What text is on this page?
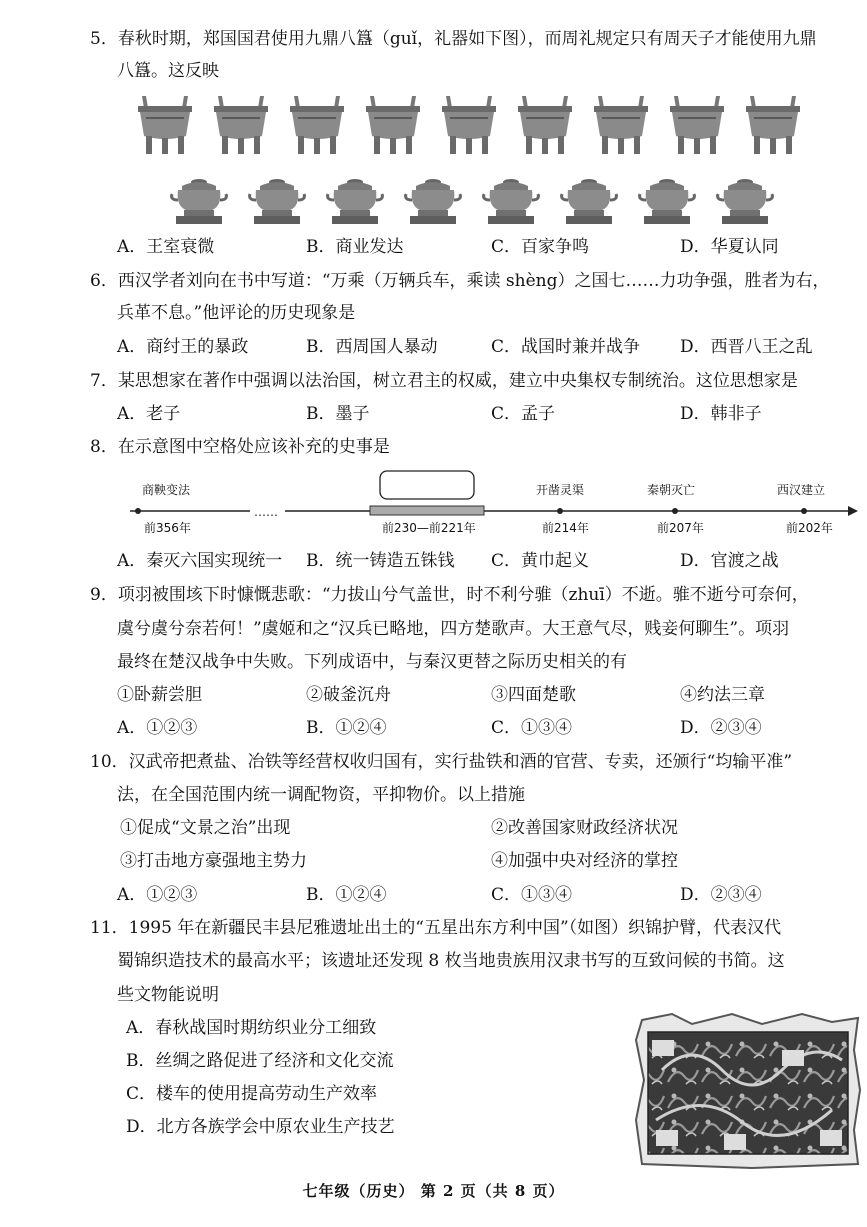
5．春秋时期，郑国国君使用九鼎八簋（guǐ，礼器如下图），而周礼规定只有周天子才能使用九鼎
八簋。这反映
A．王室衰微	B．商业发达	C．百家争鸣	D．华夏认同
6．西汉学者刘向在书中写道：“万乘（万辆兵车，乘读 shèng）之国七……力功争强，胜者为右，
兵革不息。”他评论的历史现象是
A．商纣王的暴政	B．西周国人暴动	C．战国时兼并战争 D．西晋八王之乱
7．某思想家在著作中强调以法治国，树立君主的权威，建立中央集权专制统治。这位思想家是
A．老子	B．墨子	C．孟子	D．韩非子
8．在示意图中空格处应该补充的史事是
……
商鞅变法	开凿灵渠	秦朝灭亡	西汉建立
前356年	前230—前221年	前214年	前207年	前202年
A．秦灭六国实现统一 B．统一铸造五铢钱 C．黄巾起义	D．官渡之战
9．项羽被围垓下时慷慨悲歌：“力拔山兮气盖世，时不利兮骓（zhuī）不逝。骓不逝兮可奈何，
虞兮虞兮奈若何！”虞姬和之“汉兵已略地，四方楚歌声。大王意气尽，贱妾何聊生”。项羽
最终在楚汉战争中失败。下列成语中，与秦汉更替之际历史相关的有
①卧薪尝胆	②破釜沉舟	③四面楚歌	④约法三章
A．①②③	B．①②④	C．①③④	D．②③④
10．汉武帝把煮盐、冶铁等经营权收归国有，实行盐铁和酒的官营、专卖，还颁行“均输平准”
法，在全国范围内统一调配物资，平抑物价。以上措施
①促成“文景之治”出现	②改善国家财政经济状况
③打击地方豪强地主势力	④加强中央对经济的掌控
A．①②③	B．①②④	C．①③④	D．②③④
11．1995 年在新疆民丰县尼雅遗址出土的“五星出东方利中国”（如图）织锦护臂，代表汉代
蜀锦织造技术的最高水平；该遗址还发现 8 枚当地贵族用汉隶书写的互致问候的书简。这
些文物能说明
A．春秋战国时期纺织业分工细致
B．丝绸之路促进了经济和文化交流
C．楼车的使用提高劳动生产效率
D．北方各族学会中原农业生产技艺
七年级（历史） 第 2 页（共 8 页）
